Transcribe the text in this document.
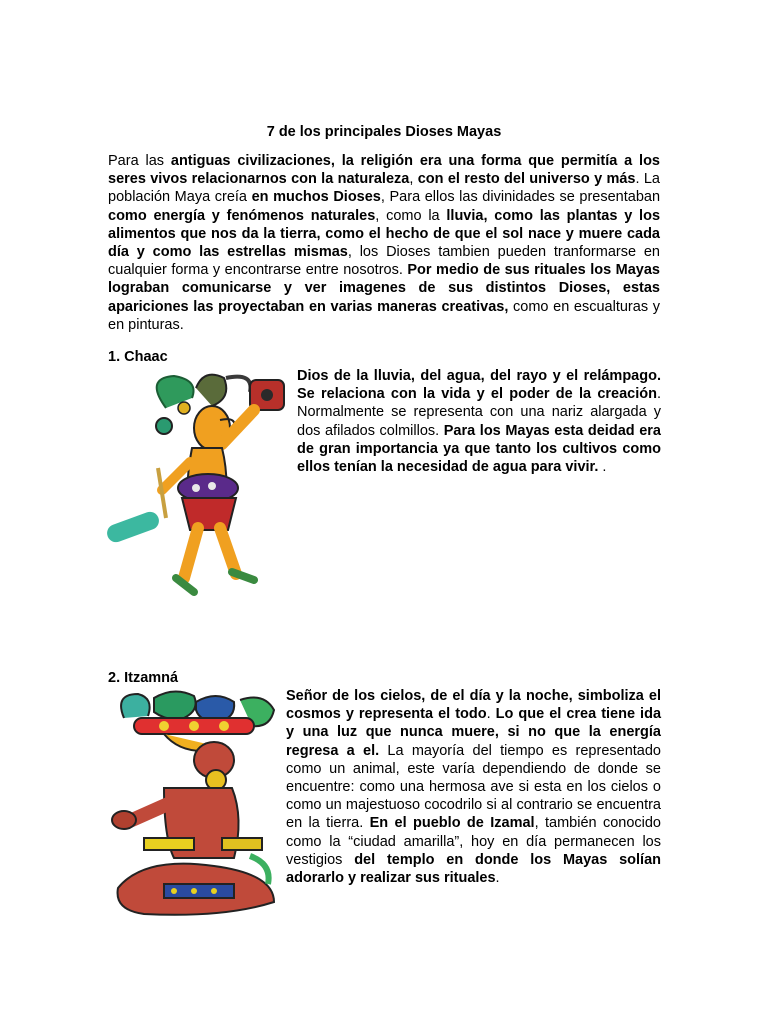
7 de los principales Dioses Mayas
Para las antiguas civilizaciones, la religión era una forma que permitía a los seres vivos relacionarnos con la naturaleza, con el resto del universo y más. La población Maya creía en muchos Dioses, Para ellos las divinidades se presentaban como energía y fenómenos naturales, como la lluvia, como las plantas y los alimentos que nos da la tierra, como el hecho de que el sol nace y muere cada día y como las estrellas mismas, los Dioses tambien pueden tranformarse en cualquier forma y encontrarse entre nosotros. Por medio de sus rituales los Mayas lograban comunicarse y ver imagenes de sus distintos Dioses, estas apariciones las proyectaban en varias maneras creativas, como en escualturas y en pinturas.
1. Chaac
Dios de la lluvia, del agua, del rayo y el relámpago. Se relaciona con la vida y el poder de la creación. Normalmente se representa con una nariz alargada y dos afilados colmillos. Para los Mayas esta deidad era de gran importancia ya que tanto los cultivos como ellos tenían la necesidad de agua para vivir. .
2. Itzamná
Señor de los cielos, de el día y la noche, simboliza el cosmos y representa el todo. Lo que el crea tiene ida y una luz que nunca muere, si no que la energía regresa a el. La mayoría del tiempo es representado como un animal, este varía dependiendo de donde se encuentre: como una hermosa ave si esta en los cielos o como un majestuoso cocodrilo si al contrario se encuentra en la tierra. En el pueblo de Izamal, también conocido como la “ciudad amarilla”, hoy en día permanecen los vestigios del templo en donde los Mayas solían adorarlo y realizar sus rituales.
